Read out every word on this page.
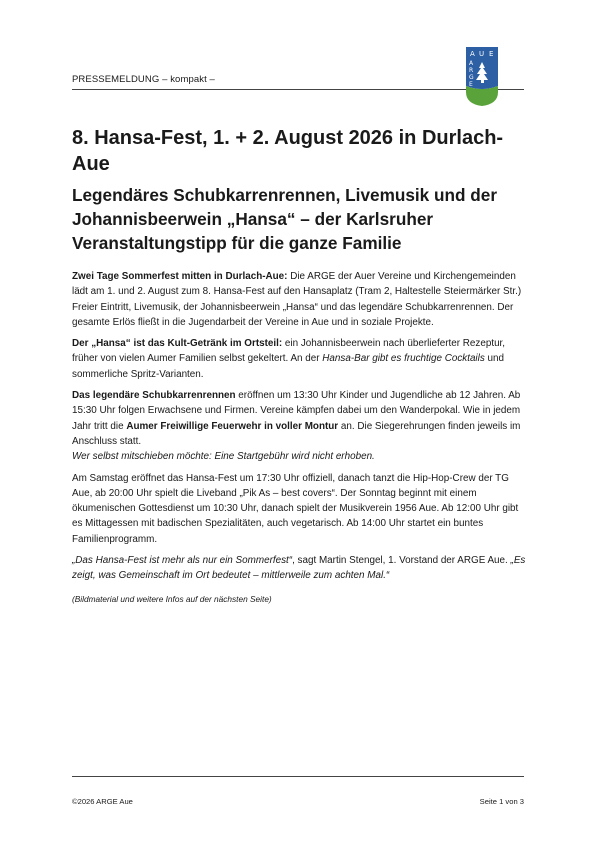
PRESSEMELDUNG – kompakt –
A U E
A
R
G
E
8. Hansa-Fest, 1. + 2. August 2026 in Durlach-Aue
Legendäres Schubkarrenrennen, Livemusik und der Johannisbeerwein „Hansa“ – der Karlsruher Veranstaltungstipp für die ganze Familie

Zwei Tage Sommerfest mitten in Durlach-Aue: Die ARGE der Auer Vereine und Kirchengemeinden lädt am 1. und 2. August zum 8. Hansa-Fest auf den Hansaplatz (Tram 2, Haltestelle Steiermärker Str.)
Freier Eintritt, Livemusik, der Johannisbeerwein „Hansa“ und das legendäre Schubkarrenrennen. Der gesamte Erlös fließt in die Jugendarbeit der Vereine in Aue und in soziale Projekte.

Der „Hansa“ ist das Kult-Getränk im Ortsteil: ein Johannisbeerwein nach überlieferter Rezeptur, früher von vielen Aumer Familien selbst gekeltert. An der Hansa-Bar gibt es fruchtige Cocktails und sommerliche Spritz-Varianten.

Das legendäre Schubkarrenrennen eröffnen um 13:30 Uhr Kinder und Jugendliche ab 12 Jahren. Ab 15:30 Uhr folgen Erwachsene und Firmen. Vereine kämpfen dabei um den Wanderpokal. Wie in jedem Jahr tritt die Aumer Freiwillige Feuerwehr in voller Montur an. Die Siegerehrungen finden jeweils im Anschluss statt.
Wer selbst mitschieben möchte: Eine Startgebühr wird nicht erhoben.

Am Samstag eröffnet das Hansa-Fest um 17:30 Uhr offiziell, danach tanzt die Hip-Hop-Crew der TG Aue, ab 20:00 Uhr spielt die Liveband „Pik As – best covers“. Der Sonntag beginnt mit einem ökumenischen Gottesdienst um 10:30 Uhr, danach spielt der Musikverein 1956 Aue. Ab 12:00 Uhr gibt es Mittagessen mit badischen Spezialitäten, auch vegetarisch. Ab 14:00 Uhr startet ein buntes Familienprogramm.

„Das Hansa-Fest ist mehr als nur ein Sommerfest“, sagt Martin Stengel, 1. Vorstand der ARGE Aue. „Es zeigt, was Gemeinschaft im Ort bedeutet – mittlerweile zum achten Mal.“

(Bildmaterial und weitere Infos auf der nächsten Seite)

©2026 ARGE Aue	Seite 1 von 3
